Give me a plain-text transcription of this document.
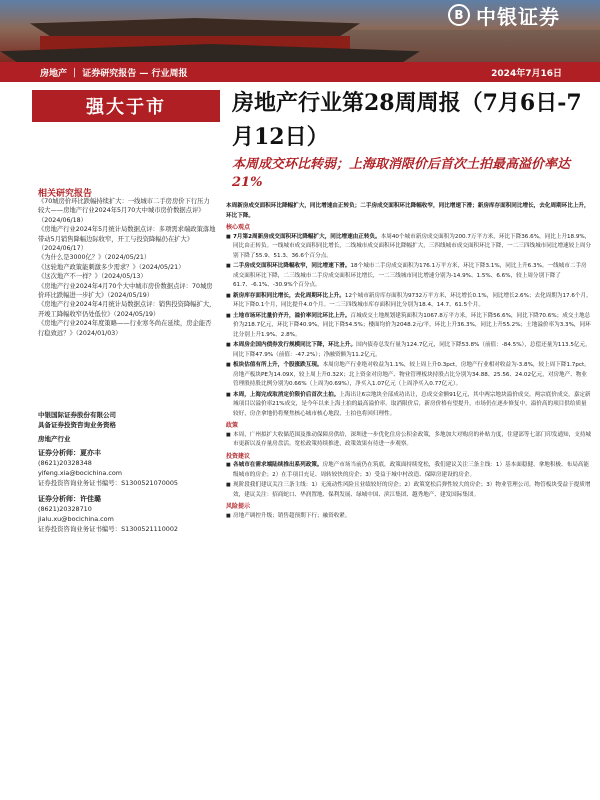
B 中银证券
房地产 ｜ 证券研究报告 — 行业周报	2024年7月16日
强大于市	房地产行业第28周周报（7月6日-7月12日）
本周成交环比转弱；上海取消限价后首次土拍最高溢价率达21%
相关研究报告

《70城房价环比跌幅持续扩大：一线城市二手房房价下行压力较大——房地产行业2024年5月70大中城市房价数据点评》（2024/06/18）

《房地产行业2024年5月统计局数据点评：多项需求端政策落地带动5月销售降幅边际收窄，开工与投资降幅仍在扩大》（2024/06/17）

《为什么是3000亿？》（2024/05/21）

《这轮地产政策能刺激多少需求？》（2024/05/21）

《这次地产不一样？》（2024/05/13）

《房地产行业2024年4月70个大中城市房价数据点评：70城房价环比跌幅进一步扩大》（2024/05/19）

《房地产行业2024年4月统计局数据点评：销售投资降幅扩大，开竣工降幅收窄仍处低位》（2024/05/19）

《房地产行业2024年度策略——行业寒冬尚在延续，房企能否行稳致远？》（2024/01/03）

中银国际证券股份有限公司
具备证券投资咨询业务资格
房地产行业
证券分析师：夏亦丰
(8621)20328348
yifeng.xia@bocichina.com
证券投资咨询业务证书编号：S1300521070005
证券分析师：许佳璐
(8621)20328710
jialu.xu@bocichina.com
证券投资咨询业务证书编号：S1300521110002
本周新房成交面积环比降幅扩大，同比增速由正转负；二手房成交面积环比降幅收窄，同比增速下滑；新房库存面积同比增长，去化周期环比上升，环比下降。
核心观点
■ 7月第2周新房成交面积环比降幅扩大，同比增速由正转负。本周40个城市新房成交面积为200.7万平方米，环比下降36.6%，同比上升18.9%，同比由正转负。一线城市成交面积同比增长，二线城市成交面积环比降幅扩大，三四线城市成交面积环比下降，一二三四线城市同比增速较上周分别下降了55.9、51.3、36.6个百分点。
■ 二手房成交面积环比降幅收窄，同比增速下滑。18个城市二手房成交面积为176.1万平方米，环比下降3.1%，同比上升6.3%。一线城市二手房成交面积环比下降，二三线城市二手房成交面积环比增长，一二三线城市同比增速分别为-14.9%、1.5%、6.6%，较上周分别下降了61.7、-6.1%、-30.9%个百分点。
■ 新房库存面积同比增长，去化周期环比上升。12个城市新房库存面积为9732万平方米，环比增长0.1%，同比增长2.6%；去化周期为17.6个月，环比下降0.1个月，同比提升4.0个月。一二三四线城市库存面积同比分别为18.4、14.7、61.5个月。
■ 土地市场环比量价齐升，溢价率同比环比上升。百城成交土地规划建筑面积为1067.8万平方米，环比下降56.6%，同比下降70.6%；成交土地总价为218.7亿元，环比下降40.9%，同比下降54.5%；楼面均价为2048.2元/平，环比上升36.3%，同比上升55.2%；土地溢价率为3.3%，同环比分别上升1.9%、2.8%。
■ 本周房企国内债券发行规模同比下降，环比上升。国内债券总发行量为124.7亿元，同比下降53.8%（前值：-84.5%），总偿还量为113.5亿元，同比下降47.9%（前值：-47.2%）；净融资额为11.2亿元。
■ 板块估值有所上升，个股涨跌互现。本周房地产行业绝对收益为1.1%，较上周上升0.3pct，房地产行业相对收益为-3.8%，较上周下降1.7pct。房地产板块PE为14.09X，较上周上升0.32X；北上资金对房地产、物业管理板块持股占比分别为34.88、25.56、24.02亿元，对房地产、物业管理股持股比例分别为0.66%（上周为0.69%），净买入1.07亿元（上周净买入0.77亿元）。
■ 本周，上海完成取消定价限价后首次土拍。上海出让6宗地块全部成功出让，总成交金额91亿元，其中两宗地块溢价成交，两宗底价成交。嘉定新城项目以溢价率21%成交，是今年以来上海土拍的最高溢价率。取消限价后，新房价格有望提升，市场仍在逐步修复中，溢价高的项目供给质量较好，房企拿地仍将聚焦核心城市核心地段，土拍也将回归理性。
政策
■ 本周，广州拟扩大收储范围及推动保障房供给，深圳进一步优化住房公积金政策，多地加大对购房的补贴力度，住建部等七部门印发通知，支持城市更新以及存量房盘活。宽松政策持续推进，政策效果有待进一步观察。
投资建议
■ 各城市在需求端陆续推出系列政策。房地产市场当前仍在筑底，政策面持续宽松，我们建议关注三条主线：1）基本面稳健、拿地积极、布局高能级城市的房企；2）在手项目充足、周转较快的房企；3）受益于城中村改造、保障房建设的房企。
■ 现阶段我们建议关注三条主线：1）无流动性风险且业绩较好的房企；2）政策宽松后弹性较大的房企；3）物业管理公司，物管板块受益于提质增效，建议关注：招商蛇口、华润置地、保利发展、绿城中国、滨江集团、越秀地产、建发国际集团。
风险提示
■ 房地产调控升级；销售超预期下行；融资收紧。
